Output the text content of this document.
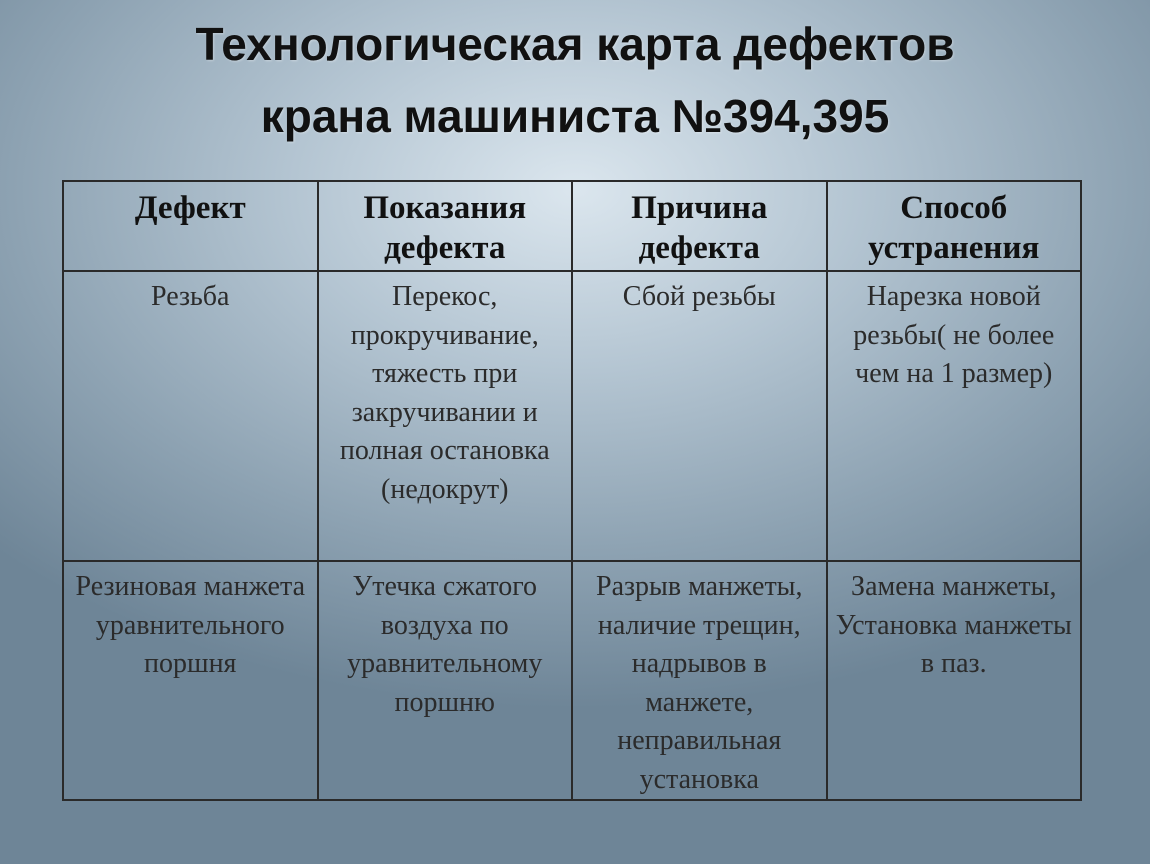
Технологическая карта дефектов
крана машиниста №394,395
Дефект	Показания дефекта	Причина дефекта	Способ устранения
Резьба	Перекос, прокручивание, тяжесть при закручивании и полная остановка (недокрут)	Сбой резьбы	Нарезка новой резьбы( не более чем на 1 размер)
Резиновая манжета уравнительного поршня	Утечка сжатого воздуха по уравнительному поршню	Разрыв манжеты, наличие трещин, надрывов в манжете, неправильная установка	Замена манжеты, Установка манжеты в паз.
